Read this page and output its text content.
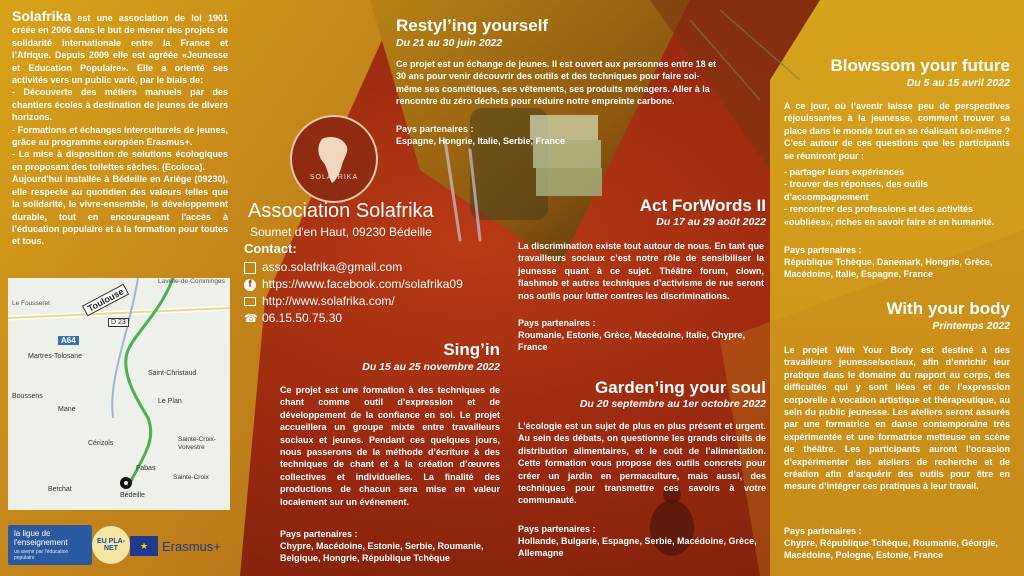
Solafrika est une association de loi 1901 créée en 2006 dans le but de mener des projets de solidarité internationale entre la France et l’Afrique. Depuis 2009 elle est agréée «Jeunesse et Education Populaire». Elle a orienté ses activités vers un public varié, par le biais de:
- Découverte des métiers manuels par des chantiers écoles à destination de jeunes de divers horizons.
- Formations et échanges interculturels de jeunes, grâce au programme européen Erasmus+.
- La mise à disposition de solutions écologiques en proposant des toilettes sèches. (Ecoloca).
Aujourd'hui installée à Bédeille en Ariège (09230), elle respecte au quotidien des valeurs telles que la solidarité, le vivre-ensemble, le développement durable, tout en encourageant l'accès à l’éducation populaire et à la formation pour toutes et tous.
Toulouse
Lavelle-de-Comminges
Le Fousseret
A64
D 23
Martres-Tolosane
Saint-Christaud
Boussens
Mane
Le Plan
Sainte-Croix-Volvestre
Cérizols
Fabas
Betchat
Bédeille
Sainte-Croix
la ligue de l'enseignement
un avenir par l'éducation populaire
EU PLA-NET	★	Erasmus+
SOLAFRIKA
Association Solafrika
Soumet d'en Haut, 09230 Bédeille
Contact:
asso.solafrika@gmail.com
f https://www.facebook.com/solafrika09
http://www.solafrika.com/
☎ 06.15.50.75.30
Restyl’ing yourself
Du 21 au 30 juin 2022
Ce projet est un échange de jeunes. Il est ouvert aux personnes entre 18 et 30 ans pour venir découvrir des outils et des techniques pour faire soi-même ses cosmétiques, ses vêtements, ses produits ménagers. Aller à la rencontre du zéro déchets pour réduire notre empreinte carbone.
Pays partenaires :
Espagne, Hongrie, Italie, Serbie, France
Act ForWords II
Du 17 au 29 août 2022
La discrimination existe tout autour de nous. En tant que travailleurs sociaux c’est notre rôle de sensibiliser la jeunesse quant à ce sujet. Théâtre forum, clown, flashmob et autres techniques d’activisme de rue seront nos outils pour lutter contres les discriminations.
Pays partenaires :
Roumanie, Estonie, Grèce, Macédoine, Italie, Chypre, France
Sing’in
Du 15 au 25 novembre 2022
Ce projet est une formation à des techniques de chant comme outil d’expression et de développement de la confiance en soi. Le projet accueillera un groupe mixte entre travailleurs sociaux et jeunes. Pendant ces quelques jours, nous passerons de la méthode d’écriture à des techniques de chant et à la création d’œuvres collectives et individuelles. La finalité des productions de chacun sera mise en valeur localement sur un événement.
Pays partenaires :
Chypre, Macédoine, Estonie, Serbie, Roumanie, Belgique, Hongrie, République Tchèque
Garden’ing your soul
Du 20 septembre au 1er octobre 2022
L’écologie est un sujet de plus en plus présent et urgent. Au sein des débats, on questionne les grands circuits de distribution alimentaires, et le coût de l’alimentation. Cette formation vous propose des outils concrets pour créer un jardin en permaculture, mais aussi, des techniques pour transmettre ces savoirs à votre communauté.
Pays partenaires :
Hollande, Bulgarie, Espagne, Serbie, Macédoine, Grèce, Allemagne
Blowssom your future
Du 5 au 15 avril 2022
A ce jour, où l’avenir laisse peu de perspectives réjouissantes à la jeunesse, comment trouver sa place dans le monde tout en se réalisant soi-même ? C’est autour de ces questions que les participants se réuniront pour :
- partager leurs expériences
- trouver des réponses, des outils d’accompagnement
- rencontrer des professions et des activités «oubliées», riches en savoir faire et en humanité.
Pays partenaires :
République Tchèque, Danemark, Hongrie, Grèce, Macédoine, Italie, Espagne, France
With your body
Printemps 2022
Le projet With Your Body est destiné à des travailleurs jeunesse/sociaux, afin d’enrichir leur pratique dans le domaine du rapport au corps, des difficultés qui y sont liées et de l’expression corporelle à vocation artistique et thérapeutique, au sein du public jeunesse. Les ateliers seront assurés par une formatrice en danse contemporaine très expérimentée et une formatrice metteuse en scène de théâtre. Les participants auront l’occasion d’expérimenter des ateliers de recherche et de création afin d’acquérir des outils pour être en mesure d’intégrer ces pratiques à leur travail.
Pays partenaires :
Chypre, République Tchèque, Roumanie, Géorgie, Macédoine, Pologne, Estonie, France
